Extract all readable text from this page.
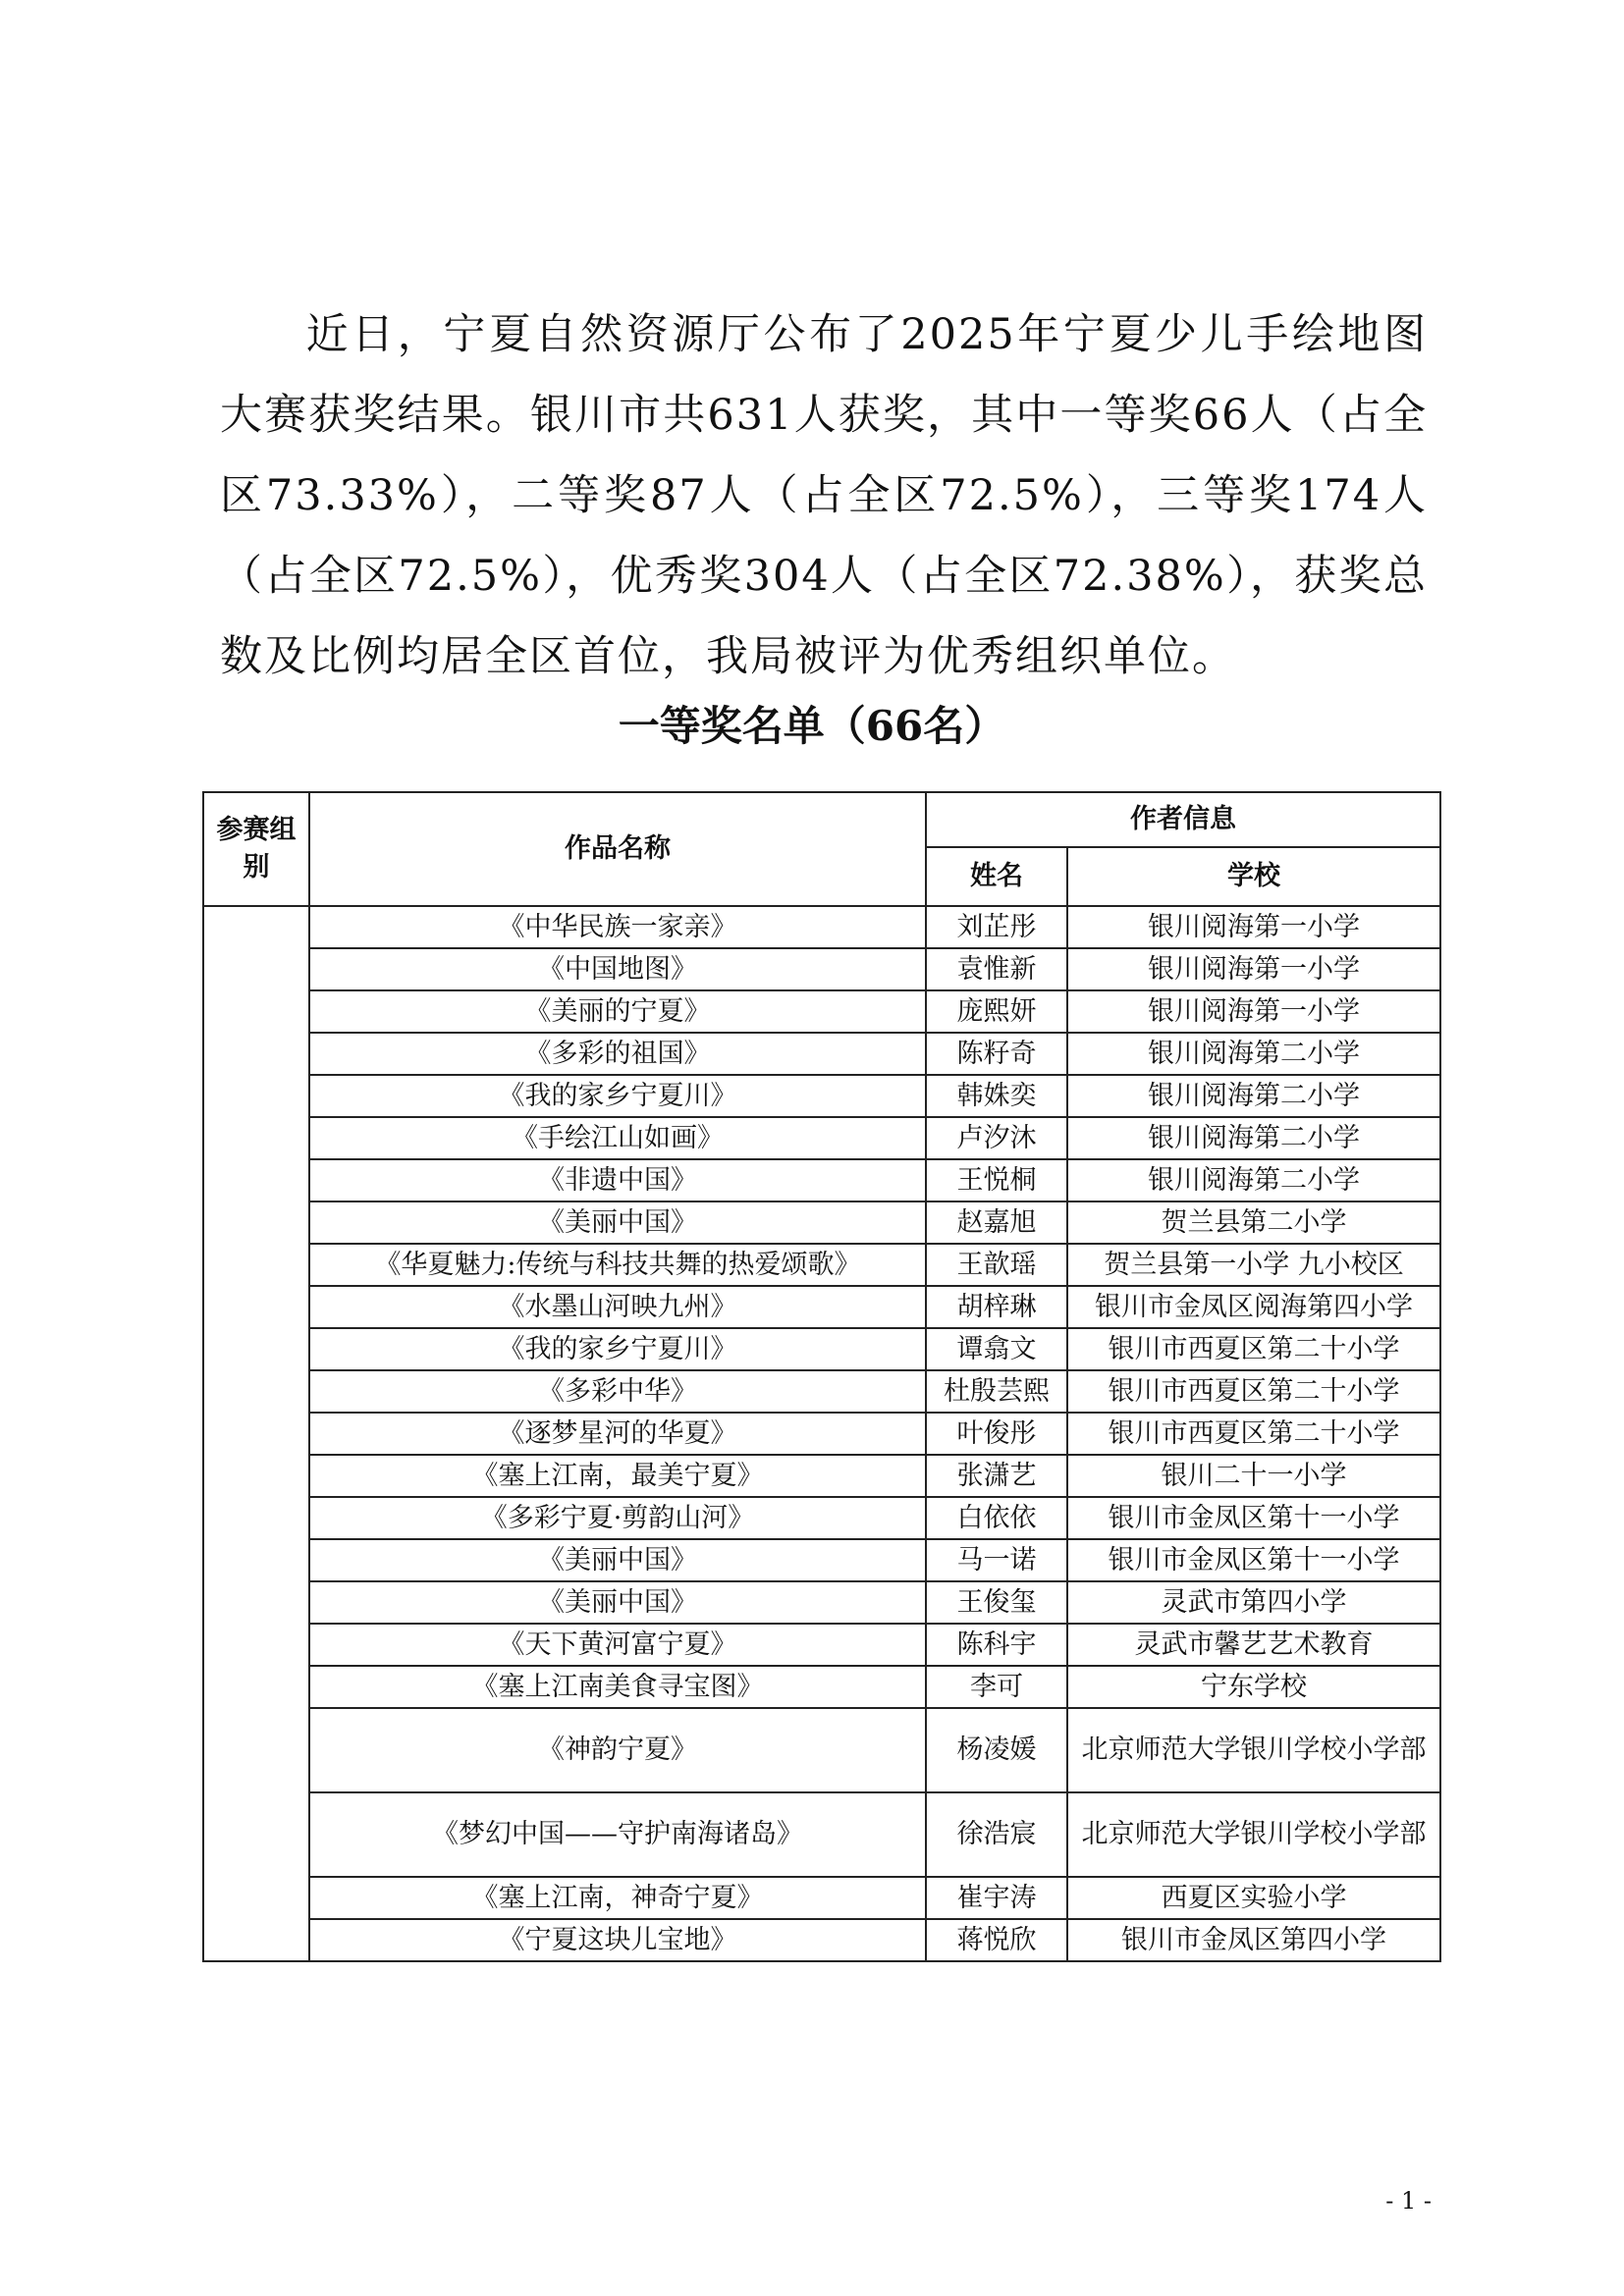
近日，宁夏自然资源厅公布了2025年宁夏少儿手绘地图大赛获奖结果。银川市共631人获奖，其中一等奖66人（占全区73.33%），二等奖87人（占全区72.5%），三等奖174人（占全区72.5%），优秀奖304人（占全区72.38%），获奖总数及比例均居全区首位，我局被评为优秀组织单位。

一等奖名单（66名）
参赛组别	作品名称	作者信息	
		姓名	学校
	《中华民族一家亲》	刘芷彤	银川阅海第一小学
	《中国地图》	袁惟新	银川阅海第一小学
	《美丽的宁夏》	庞熙妍	银川阅海第一小学
	《多彩的祖国》	陈籽奇	银川阅海第二小学
	《我的家乡宁夏川》	韩姝奕	银川阅海第二小学
	《手绘江山如画》	卢汐沐	银川阅海第二小学
	《非遗中国》	王悦桐	银川阅海第二小学
	《美丽中国》	赵嘉旭	贺兰县第二小学
	《华夏魅力:传统与科技共舞的热爱颂歌》	王歆瑶	贺兰县第一小学 九小校区
	《水墨山河映九州》	胡梓琳	银川市金凤区阅海第四小学
	《我的家乡宁夏川》	谭翕文	银川市西夏区第二十小学
	《多彩中华》	杜殷芸熙	银川市西夏区第二十小学
	《逐梦星河的华夏》	叶俊彤	银川市西夏区第二十小学
	《塞上江南，最美宁夏》	张潇艺	银川二十一小学
	《多彩宁夏·剪韵山河》	白依依	银川市金凤区第十一小学
	《美丽中国》	马一诺	银川市金凤区第十一小学
	《美丽中国》	王俊玺	灵武市第四小学
	《天下黄河富宁夏》	陈科宇	灵武市馨艺艺术教育
	《塞上江南美食寻宝图》	李可	宁东学校
	《神韵宁夏》	杨凌媛	北京师范大学银川学校小学部
	《梦幻中国——守护南海诸岛》	徐浩宸	北京师范大学银川学校小学部
	《塞上江南，神奇宁夏》	崔宇涛	西夏区实验小学
	《宁夏这块儿宝地》	蒋悦欣	银川市金凤区第四小学
- 1 -
